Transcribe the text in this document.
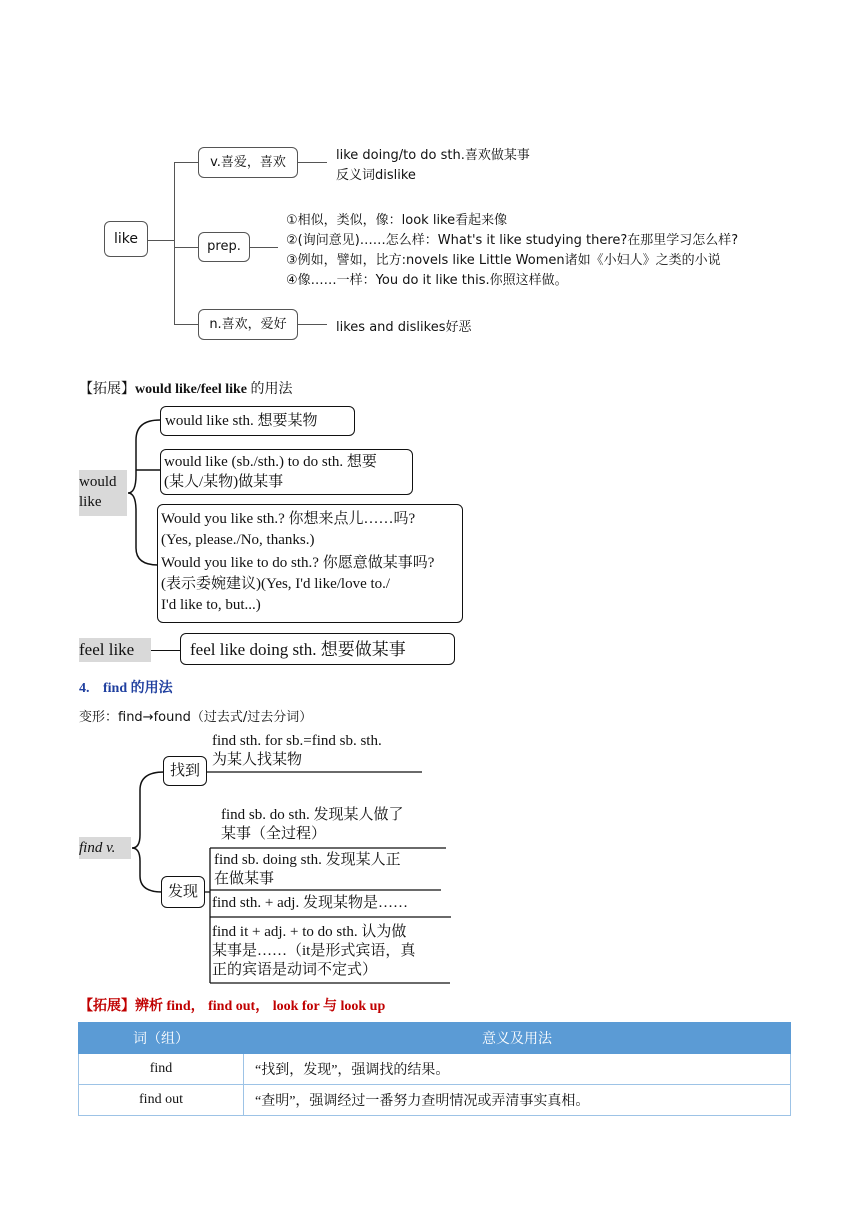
like
v.喜爱，喜欢	like doing/to do sth.喜欢做某事
反义词dislike
prep.
①相似，类似，像：look like看起来像
②(询问意见)……怎么样：What's it like studying there?在那里学习怎么样?
③例如，譬如，比方:novels like Little Women诸如《小妇人》之类的小说
④像……一样：You do it like this.你照这样做。
n.喜欢，爱好	likes and dislikes好恶
【拓展】would like/feel like 的用法
would
like
would like sth. 想要某物
would like (sb./sth.) to do sth. 想要
(某人/某物)做某事
Would you like sth.? 你想来点儿……吗?
(Yes, please./No, thanks.)
Would you like to do sth.? 你愿意做某事吗?
(表示委婉建议)(Yes, I'd like/love to./
I'd like to, but...)
feel like	feel like doing sth. 想要做某事
4. find 的用法
变形：find→found（过去式/过去分词）
find v.
找到
find sth. for sb.=find sb. sth.
为某人找某物
发现
find sb. do sth. 发现某人做了
某事（全过程）
find sb. doing sth. 发现某人正
在做某事
find sth. + adj. 发现某物是……
find it + adj. + to do sth. 认为做
某事是……（it是形式宾语，真
正的宾语是动词不定式）
【拓展】辨析 find， find out， look for 与 look up
词（组）	意义及用法
find	“找到，发现”，强调找的结果。
find out	“查明”，强调经过一番努力查明情况或弄清事实真相。
